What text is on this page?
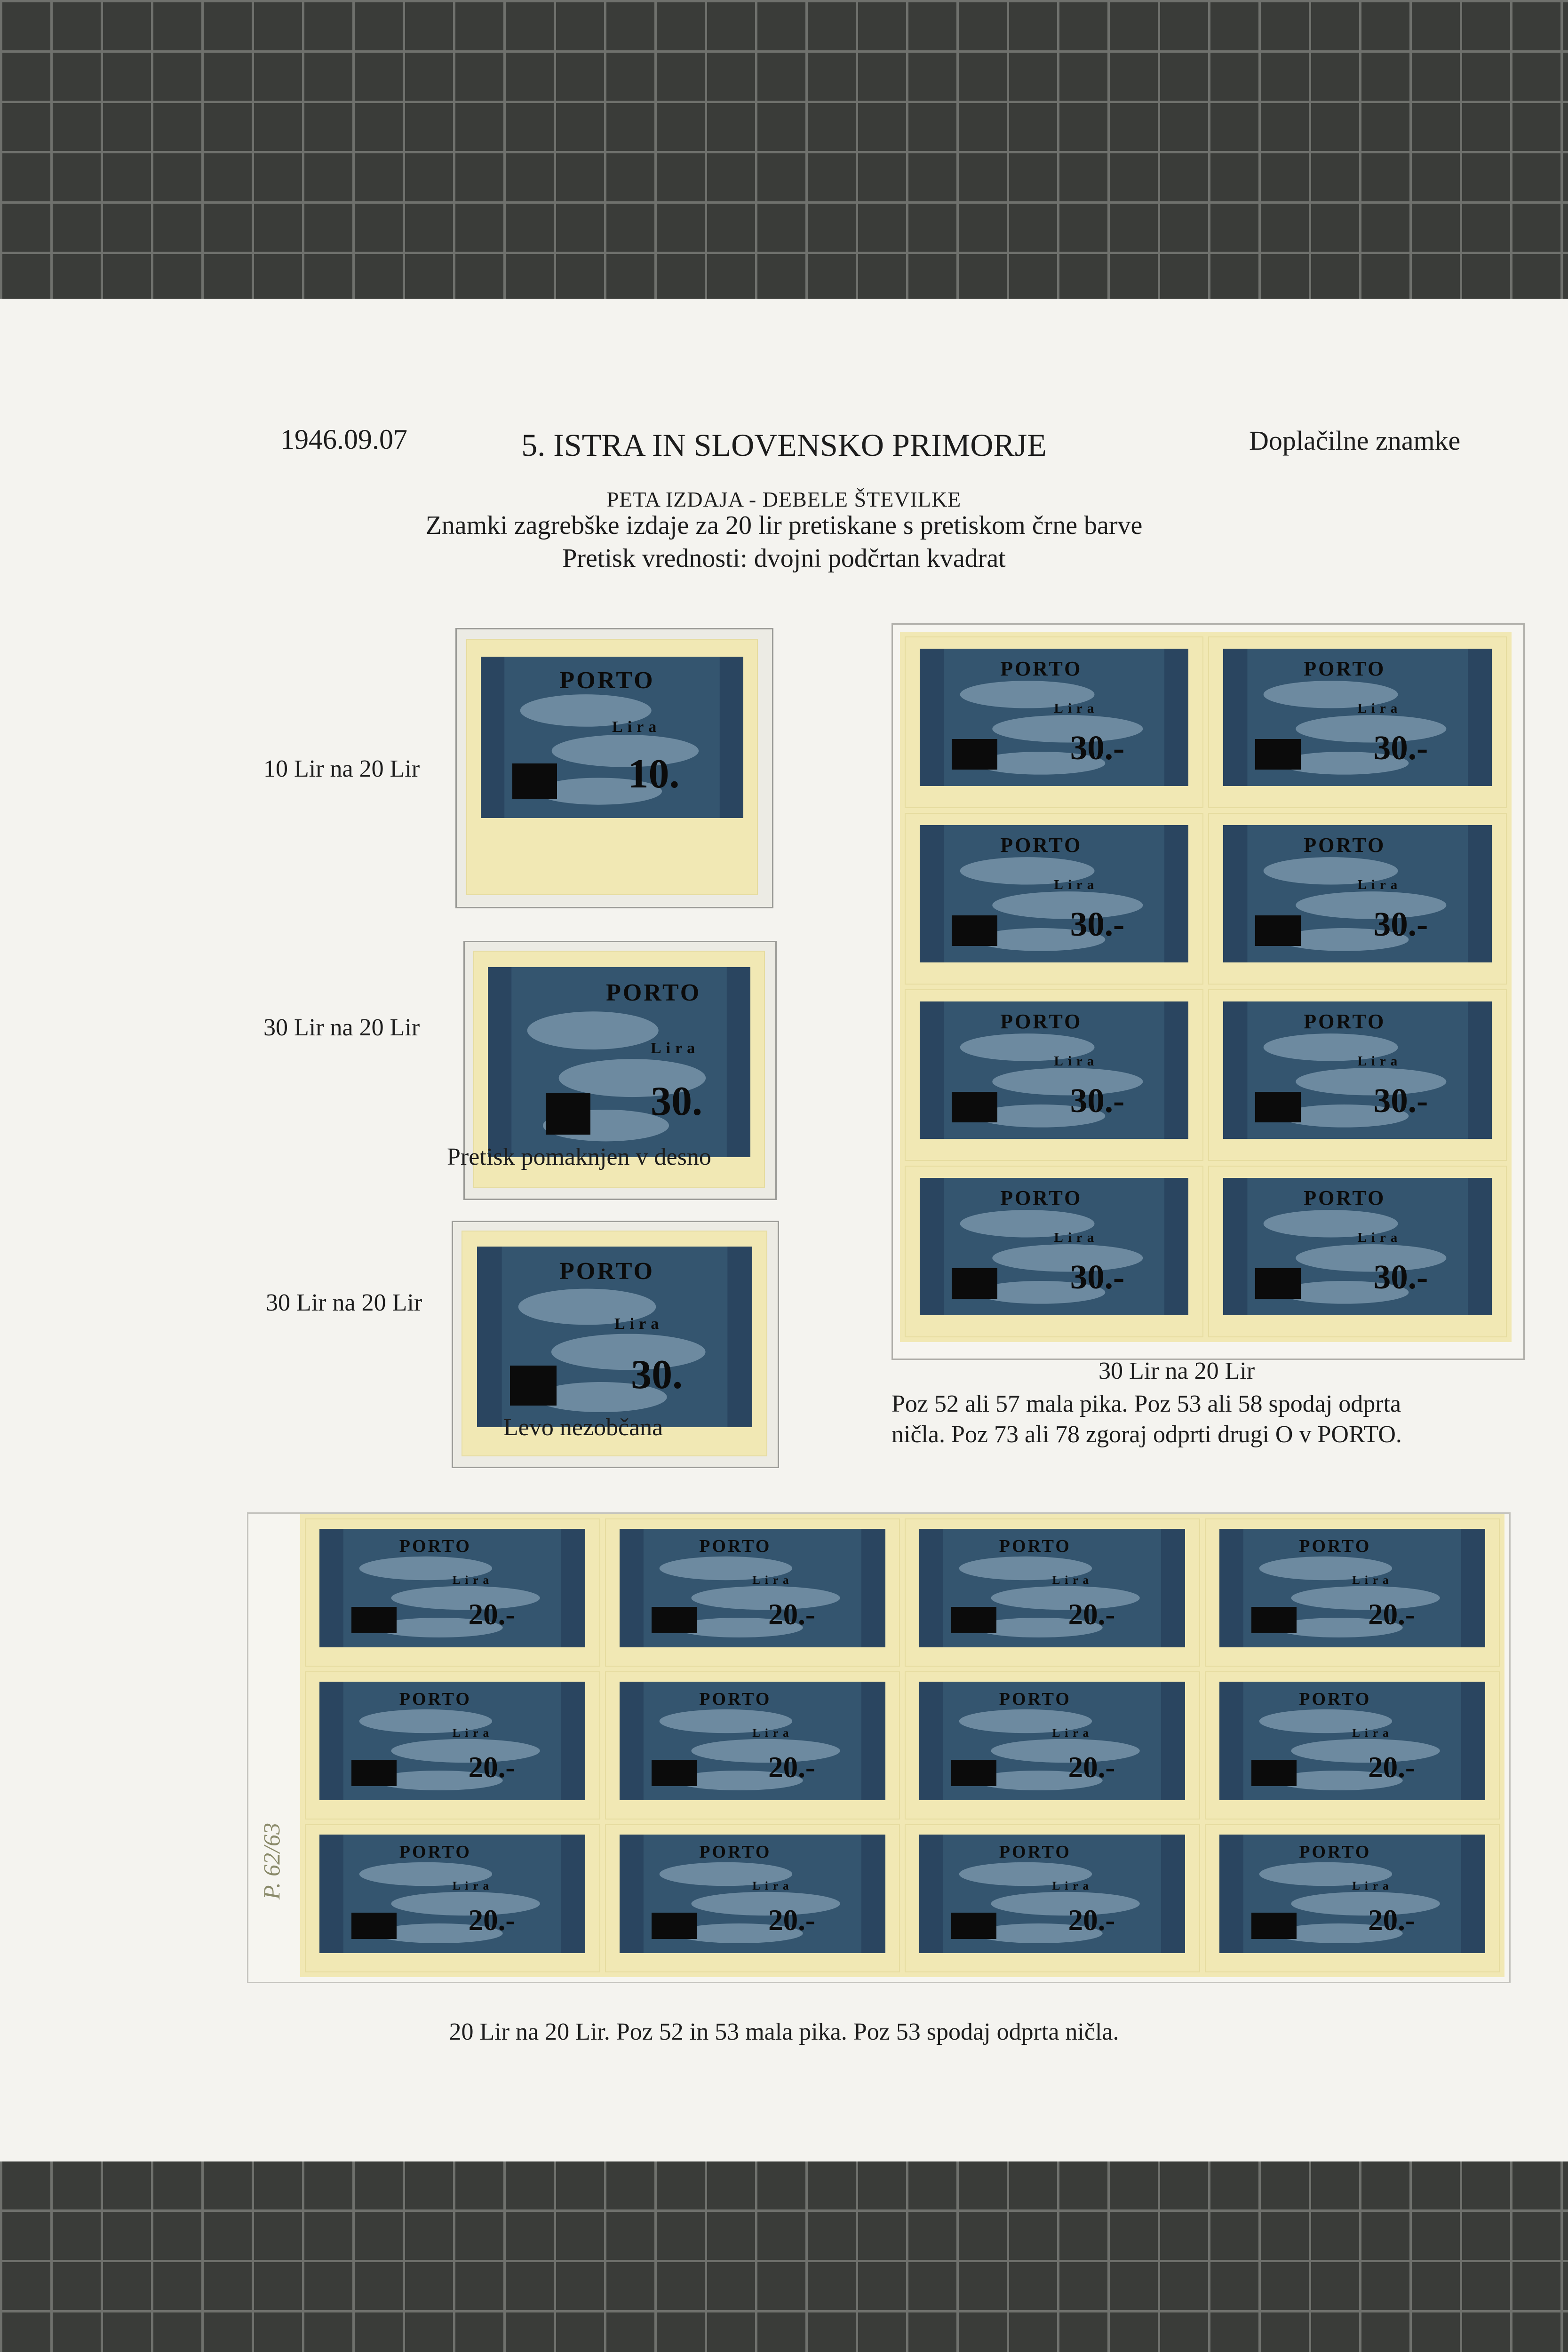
1946.09.07	5. ISTRA IN SLOVENSKO PRIMORJE	Doplačilne znamke
PETA IZDAJA - DEBELE ŠTEVILKE
Znamki zagrebške izdaje za 20 lir pretiskane s pretiskom črne barve
Pretisk vrednosti: dvojni podčrtan kvadrat
10 Lir na 20 Lir
PORTO
Lira
10.
30 Lir na 20 Lir
PORTO
Lira
30.
Pretisk pomaknjen v desno
30 Lir na 20 Lir
PORTO
Lira
30.
Levo nezobčana
PORTO
Lira
30.-
PORTO
Lira
30.-
PORTO
Lira
30.-
PORTO
Lira
30.-
PORTO
Lira
30.-
PORTO
Lira
30.-
PORTO
Lira
30.-
PORTO
Lira
30.-
30 Lir na 20 Lir
Poz 52 ali 57 mala pika. Poz 53 ali 58 spodaj odprta
ničla. Poz 73 ali 78 zgoraj odprti drugi O v PORTO.
PORTO
Lira
20.-
PORTO
Lira
20.-
PORTO
Lira
20.-
PORTO
Lira
20.-
PORTO
Lira
20.-
PORTO
Lira
20.-
PORTO
Lira
20.-
PORTO
Lira
20.-
PORTO
Lira
20.-
PORTO
Lira
20.-
PORTO
Lira
20.-
PORTO
Lira
20.-
P. 62/63
20 Lir na 20 Lir. Poz 52 in 53 mala pika. Poz 53 spodaj odprta ničla.
